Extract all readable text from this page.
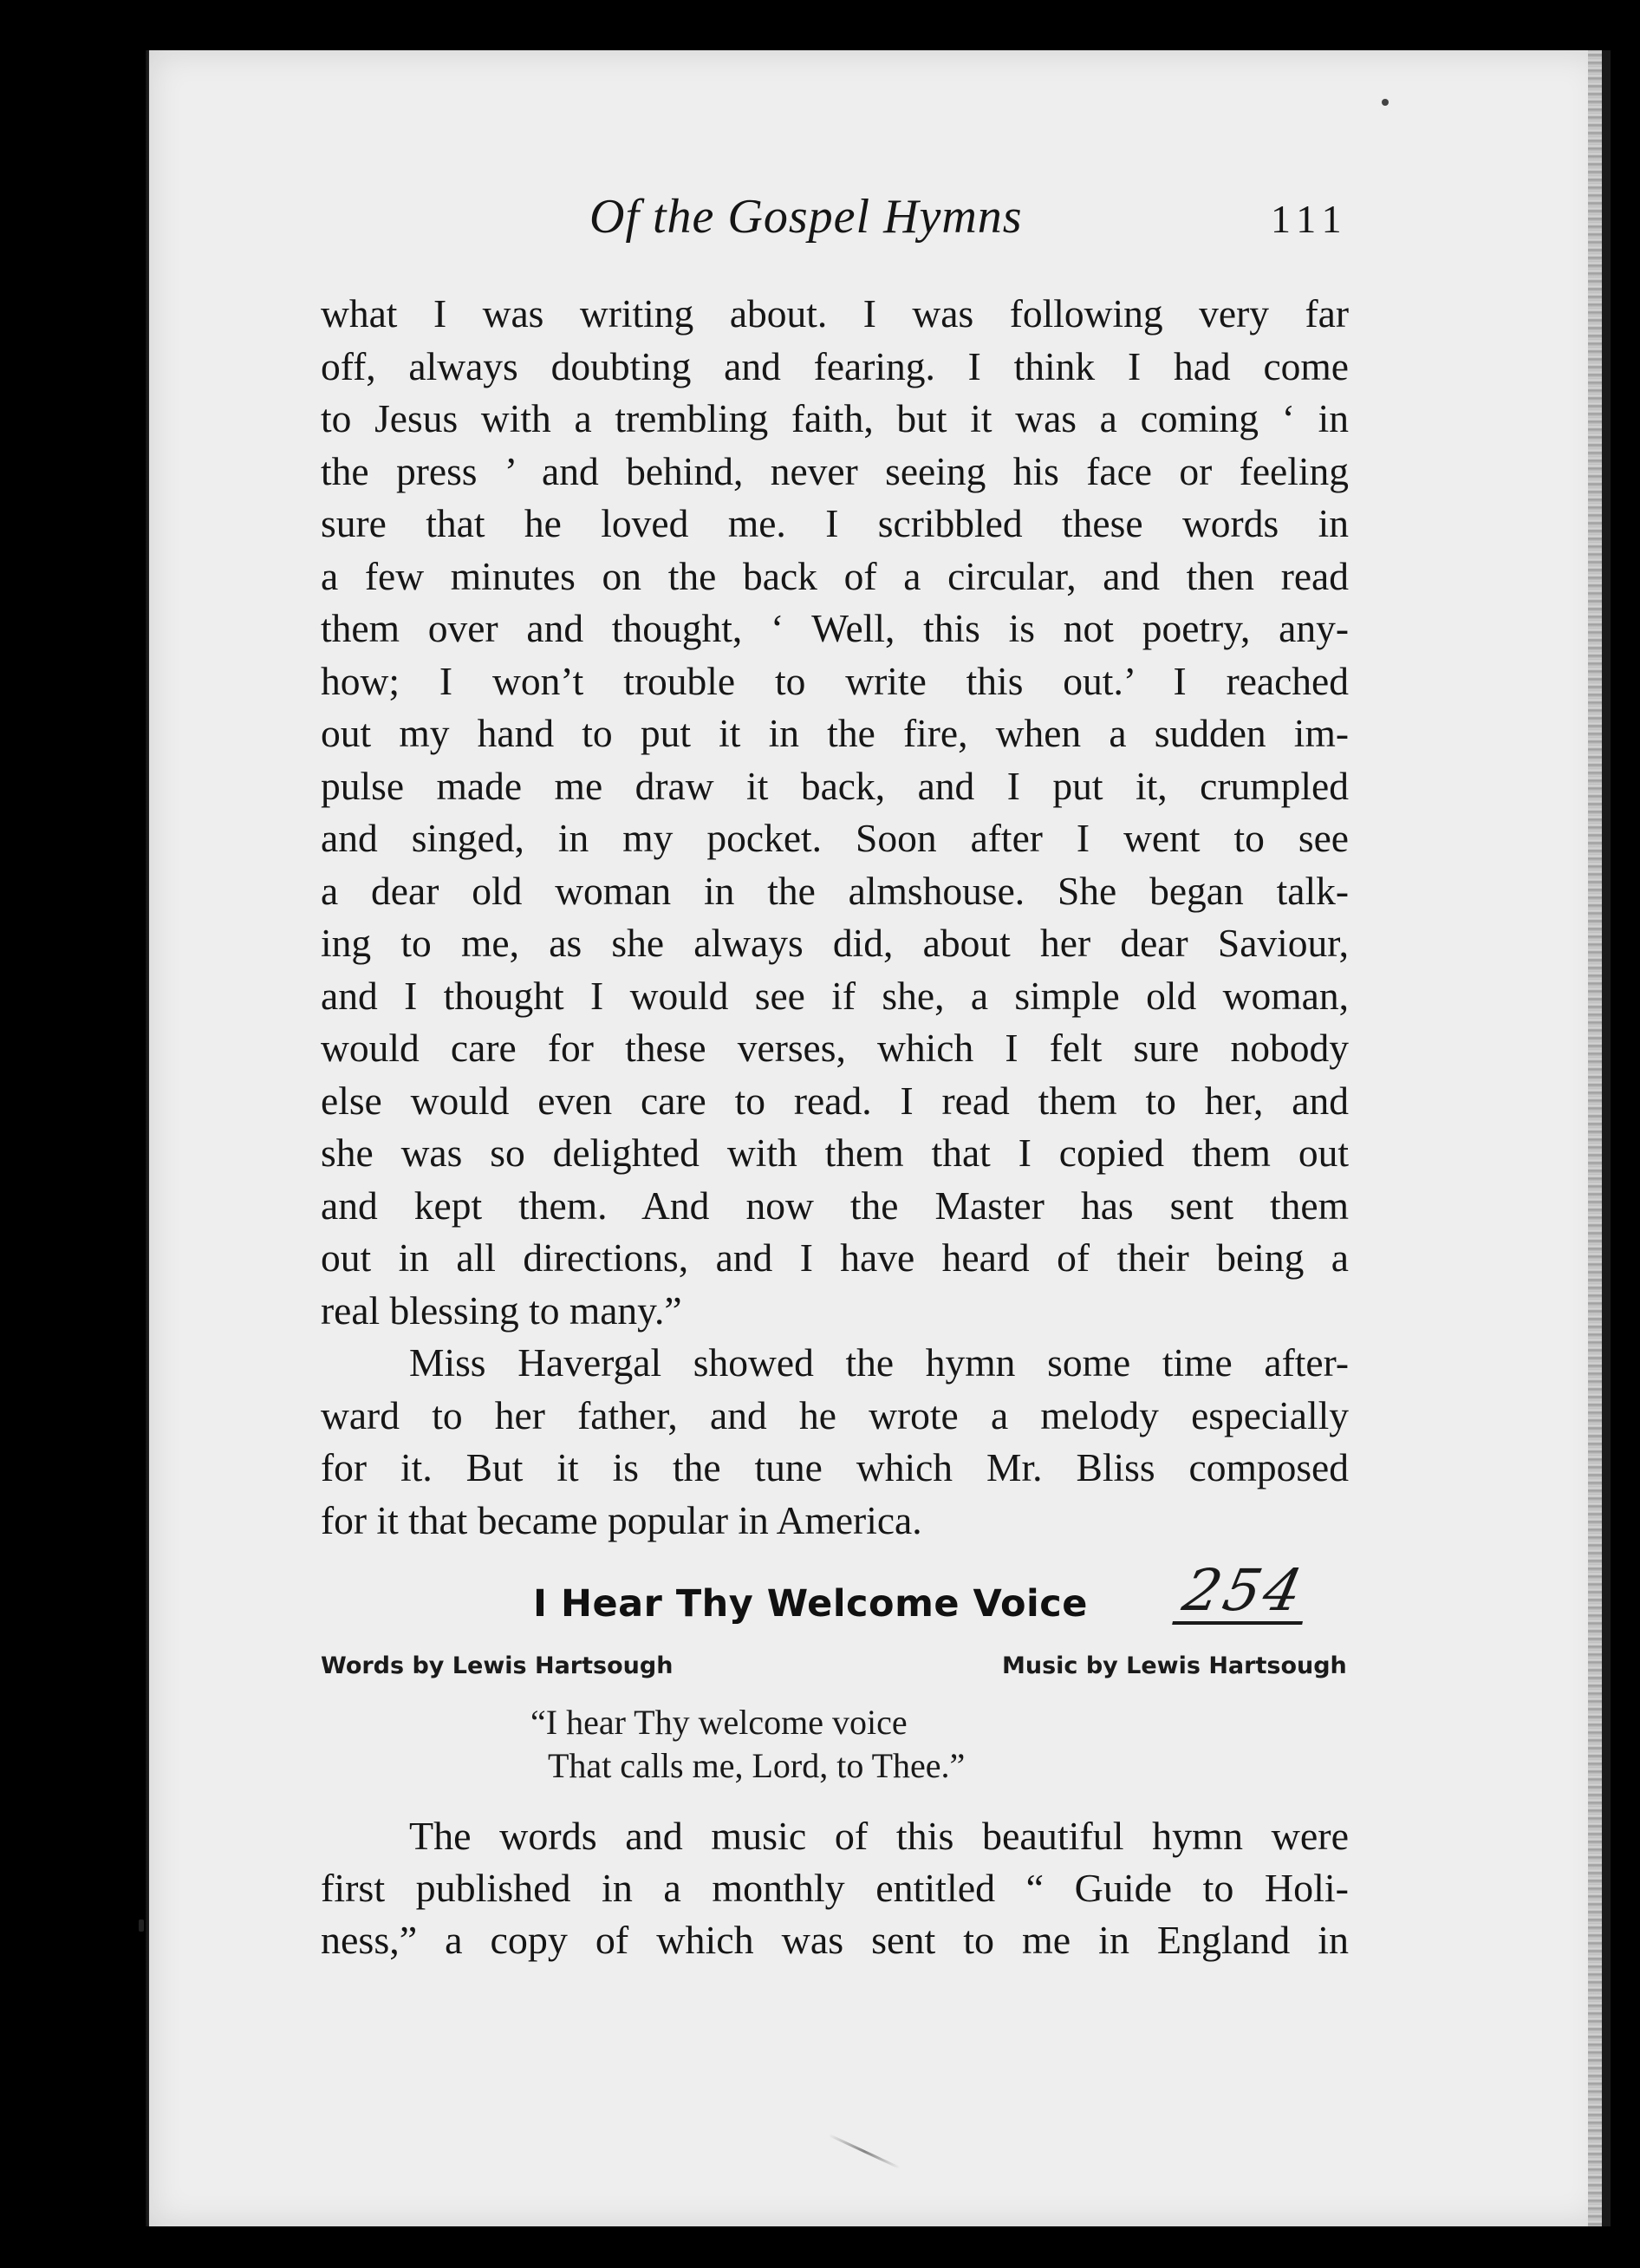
Of the Gospel Hymns	111
what I was writing about. I was following very far
off, always doubting and fearing. I think I had come
to Jesus with a trembling faith, but it was a coming ‘ in
the press ’ and behind, never seeing his face or feeling
sure that he loved me. I scribbled these words in
a few minutes on the back of a circular, and then read
them over and thought, ‘ Well, this is not poetry, any-
how; I won’t trouble to write this out.’ I reached
out my hand to put it in the fire, when a sudden im-
pulse made me draw it back, and I put it, crumpled
and singed, in my pocket. Soon after I went to see
a dear old woman in the almshouse. She began talk-
ing to me, as she always did, about her dear Saviour,
and I thought I would see if she, a simple old woman,
would care for these verses, which I felt sure nobody
else would even care to read. I read them to her, and
she was so delighted with them that I copied them out
and kept them. And now the Master has sent them
out in all directions, and I have heard of their being a
real blessing to many.”
Miss Havergal showed the hymn some time after-
ward to her father, and he wrote a melody especially
for it. But it is the tune which Mr. Bliss composed
for it that became popular in America.
I Hear Thy Welcome Voice 254
Words by Lewis Hartsough	Music by Lewis Hartsough
“I hear Thy welcome voice
That calls me, Lord, to Thee.”
The words and music of this beautiful hymn were
first published in a monthly entitled “ Guide to Holi-
ness,” a copy of which was sent to me in England in
